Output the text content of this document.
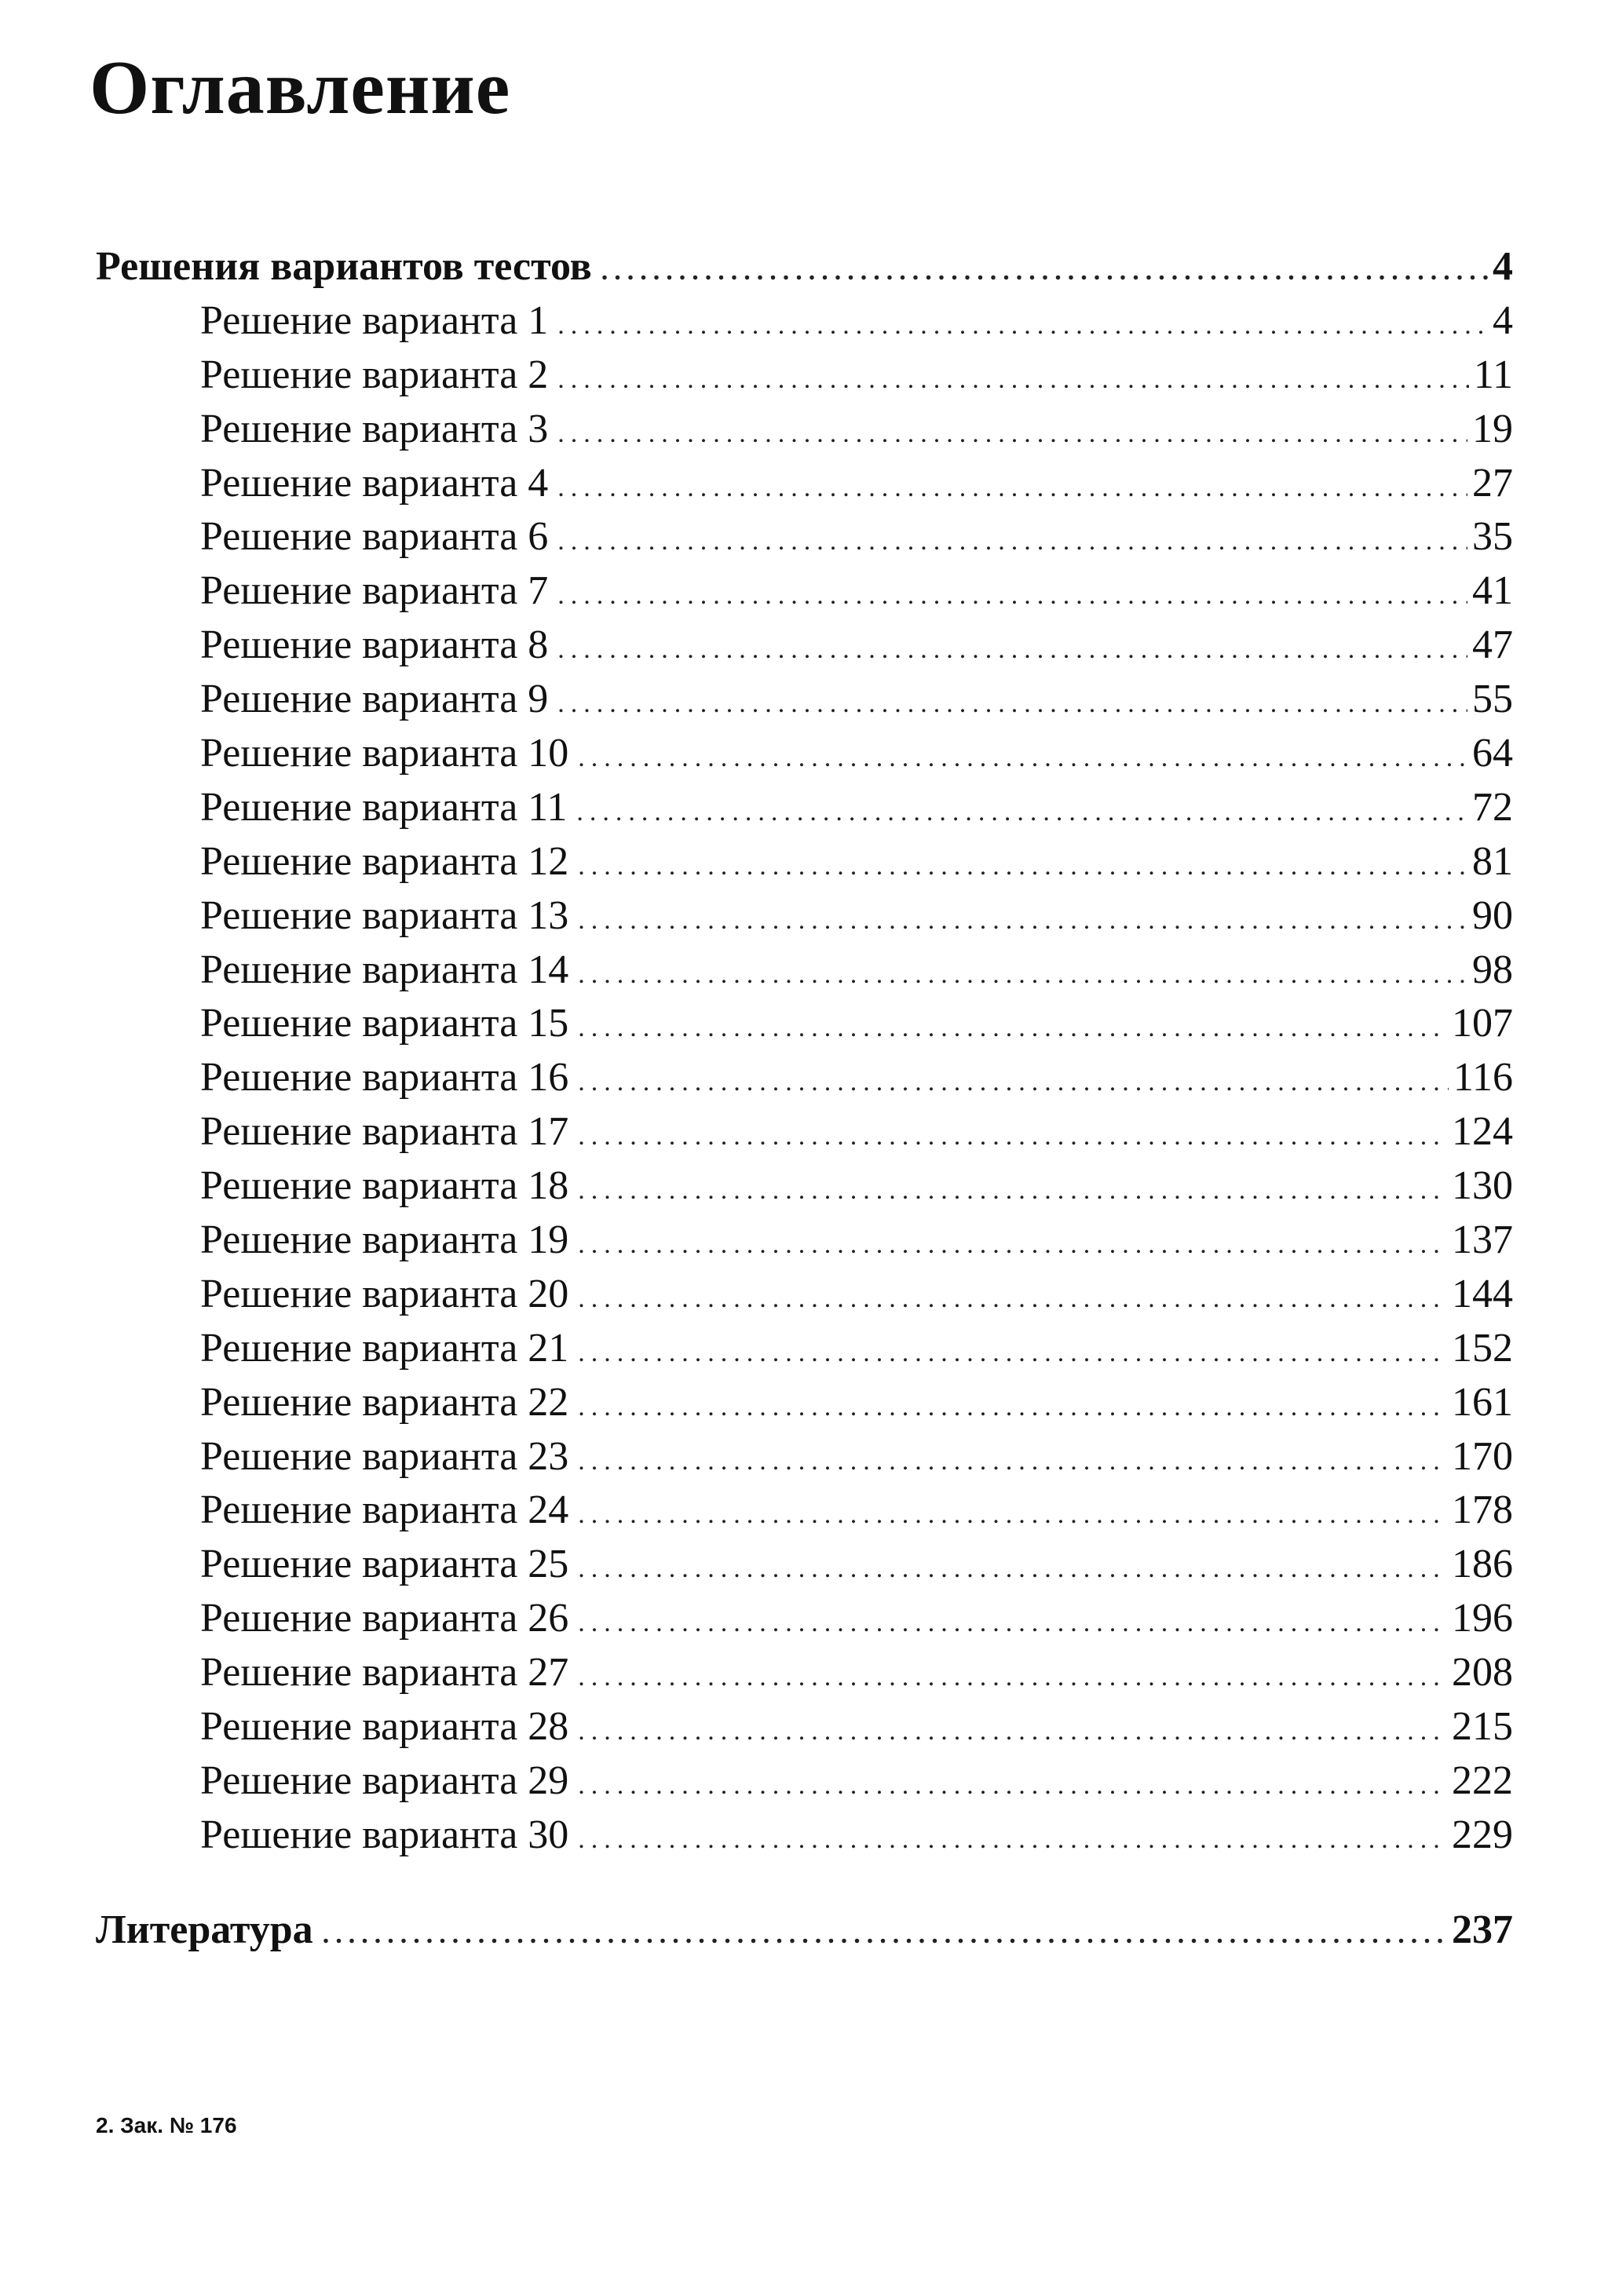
Оглавление
Решения вариантов тестов .....	4
Решение варианта 1 .....	4
Решение варианта 2 .....	11
Решение варианта 3 .....	19
Решение варианта 4 .....	27
Решение варианта 6 .....	35
Решение варианта 7 .....	41
Решение варианта 8 .....	47
Решение варианта 9 .....	55
Решение варианта 10 .....	64
Решение варианта 11 .....	72
Решение варианта 12 .....	81
Решение варианта 13 .....	90
Решение варианта 14 .....	98
Решение варианта 15 .....	107
Решение варианта 16 .....	116
Решение варианта 17 .....	124
Решение варианта 18 .....	130
Решение варианта 19 .....	137
Решение варианта 20 .....	144
Решение варианта 21 .....	152
Решение варианта 22 .....	161
Решение варианта 23 .....	170
Решение варианта 24 .....	178
Решение варианта 25 .....	186
Решение варианта 26 .....	196
Решение варианта 27 .....	208
Решение варианта 28 .....	215
Решение варианта 29 .....	222
Решение варианта 30 .....	229
Литература .....	237

2. Зак. № 176
